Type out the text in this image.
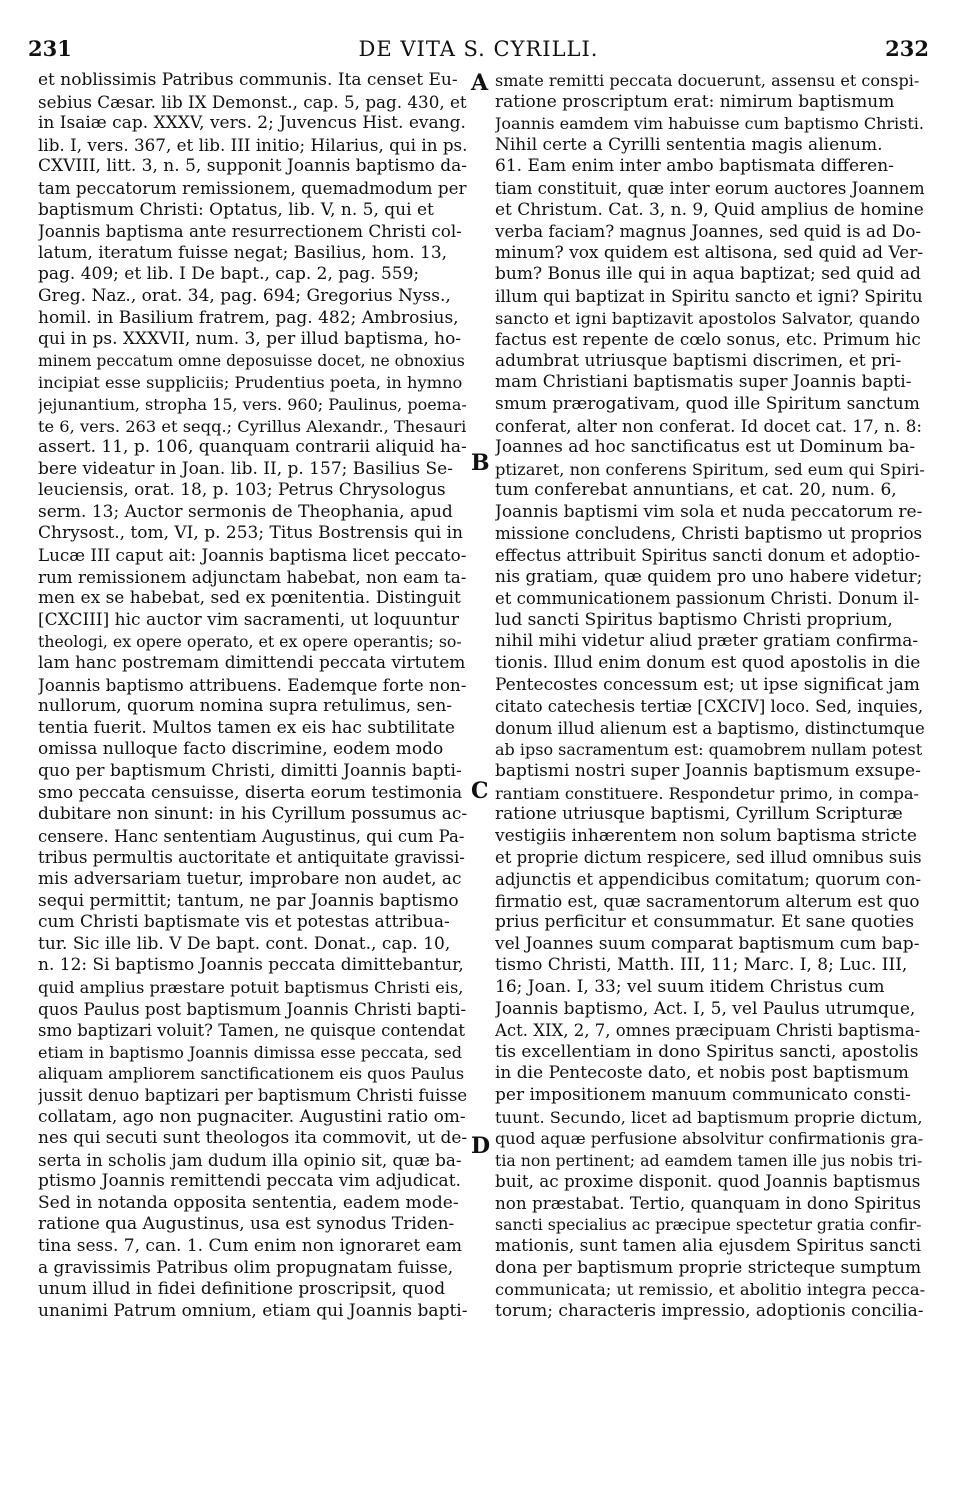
231	DE VITA S. CYRILLI.	232
et noblissimis Patribus communis. Ita censet Eu-
sebius Cæsar. lib IX Demonst., cap. 5, pag. 430, et
in Isaiæ cap. XXXV, vers. 2; Juvencus Hist. evang.
lib. I, vers. 367, et lib. III initio; Hilarius, qui in ps.
CXVIII, litt. 3, n. 5, supponit Joannis baptismo da-
tam peccatorum remissionem, quemadmodum per
baptismum Christi: Optatus, lib. V, n. 5, qui et
Joannis baptisma ante resurrectionem Christi col-
latum, iteratum fuisse negat; Basilius, hom. 13,
pag. 409; et lib. I De bapt., cap. 2, pag. 559;
Greg. Naz., orat. 34, pag. 694; Gregorius Nyss.,
homil. in Basilium fratrem, pag. 482; Ambrosius,
qui in ps. XXXVII, num. 3, per illud baptisma, ho-
minem peccatum omne deposuisse docet, ne obnoxius
incipiat esse suppliciis; Prudentius poeta, in hymno
jejunantium, stropha 15, vers. 960; Paulinus, poema-
te 6, vers. 263 et seqq.; Cyrillus Alexandr., Thesauri
assert. 11, p. 106, quanquam contrarii aliquid ha-
bere videatur in Joan. lib. II, p. 157; Basilius Se-
leuciensis, orat. 18, p. 103; Petrus Chrysologus
serm. 13; Auctor sermonis de Theophania, apud
Chrysost., tom, VI, p. 253; Titus Bostrensis qui in
Lucæ III caput ait: Joannis baptisma licet peccato-
rum remissionem adjunctam habebat, non eam ta-
men ex se habebat, sed ex pœnitentia. Distinguit
[CXCIII] hic auctor vim sacramenti, ut loquuntur
theologi, ex opere operato, et ex opere operantis; so-
lam hanc postremam dimittendi peccata virtutem
Joannis baptismo attribuens. Eademque forte non-
nullorum, quorum nomina supra retulimus, sen-
tentia fuerit. Multos tamen ex eis hac subtilitate
omissa nulloque facto discrimine, eodem modo
quo per baptismum Christi, dimitti Joannis bapti-
smo peccata censuisse, diserta eorum testimonia
dubitare non sinunt: in his Cyrillum possumus ac-
censere. Hanc sententiam Augustinus, qui cum Pa-
tribus permultis auctoritate et antiquitate gravissi-
mis adversariam tuetur, improbare non audet, ac
sequi permittit; tantum, ne par Joannis baptismo
cum Christi baptismate vis et potestas attribua-
tur. Sic ille lib. V De bapt. cont. Donat., cap. 10,
n. 12: Si baptismo Joannis peccata dimittebantur,
quid amplius præstare potuit baptismus Christi eis,
quos Paulus post baptismum Joannis Christi bapti-
smo baptizari voluit? Tamen, ne quisque contendat
etiam in baptismo Joannis dimissa esse peccata, sed
aliquam ampliorem sanctificationem eis quos Paulus
jussit denuo baptizari per baptismum Christi fuisse
collatam, ago non pugnaciter. Augustini ratio om-
nes qui secuti sunt theologos ita commovit, ut de-
serta in scholis jam dudum illa opinio sit, quæ ba-
ptismo Joannis remittendi peccata vim adjudicat.
Sed in notanda opposita sententia, eadem mode-
ratione qua Augustinus, usa est synodus Triden-
tina sess. 7, can. 1. Cum enim non ignoraret eam
a gravissimis Patribus olim propugnatam fuisse,
unum illud in fidei definitione proscripsit, quod
unanimi Patrum omnium, etiam qui Joannis bapti-
smate remitti peccata docuerunt, assensu et conspi-
ratione proscriptum erat: nimirum baptismum
Joannis eamdem vim habuisse cum baptismo Christi.
Nihil certe a Cyrilli sententia magis alienum.
61. Eam enim inter ambo baptismata differen-
tiam constituit, quæ inter eorum auctores Joannem
et Christum. Cat. 3, n. 9, Quid amplius de homine
verba faciam? magnus Joannes, sed quid is ad Do-
minum? vox quidem est altisona, sed quid ad Ver-
bum? Bonus ille qui in aqua baptizat; sed quid ad
illum qui baptizat in Spiritu sancto et igni? Spiritu
sancto et igni baptizavit apostolos Salvator, quando
factus est repente de cœlo sonus, etc. Primum hic
adumbrat utriusque baptismi discrimen, et pri-
mam Christiani baptismatis super Joannis bapti-
smum prærogativam, quod ille Spiritum sanctum
conferat, alter non conferat. Id docet cat. 17, n. 8:
Joannes ad hoc sanctificatus est ut Dominum ba-
ptizaret, non conferens Spiritum, sed eum qui Spiri-
tum conferebat annuntians, et cat. 20, num. 6,
Joannis baptismi vim sola et nuda peccatorum re-
missione concludens, Christi baptismo ut proprios
effectus attribuit Spiritus sancti donum et adoptio-
nis gratiam, quæ quidem pro uno habere videtur;
et communicationem passionum Christi. Donum il-
lud sancti Spiritus baptismo Christi proprium,
nihil mihi videtur aliud præter gratiam confirma-
tionis. Illud enim donum est quod apostolis in die
Pentecostes concessum est; ut ipse significat jam
citato catechesis tertiæ [CXCIV] loco. Sed, inquies,
donum illud alienum est a baptismo, distinctumque
ab ipso sacramentum est: quamobrem nullam potest
baptismi nostri super Joannis baptismum exsupe-
rantiam constituere. Respondetur primo, in compa-
ratione utriusque baptismi, Cyrillum Scripturæ
vestigiis inhærentem non solum baptisma stricte
et proprie dictum respicere, sed illud omnibus suis
adjunctis et appendicibus comitatum; quorum con-
firmatio est, quæ sacramentorum alterum est quo
prius perficitur et consummatur. Et sane quoties
vel Joannes suum comparat baptismum cum bap-
tismo Christi, Matth. III, 11; Marc. I, 8; Luc. III,
16; Joan. I, 33; vel suum itidem Christus cum
Joannis baptismo, Act. I, 5, vel Paulus utrumque,
Act. XIX, 2, 7, omnes præcipuam Christi baptisma-
tis excellentiam in dono Spiritus sancti, apostolis
in die Pentecoste dato, et nobis post baptismum
per impositionem manuum communicato consti-
tuunt. Secundo, licet ad baptismum proprie dictum,
quod aquæ perfusione absolvitur confirmationis gra-
tia non pertinent; ad eamdem tamen ille jus nobis tri-
buit, ac proxime disponit. quod Joannis baptismus
non præstabat. Tertio, quanquam in dono Spiritus
sancti specialius ac præcipue spectetur gratia confir-
mationis, sunt tamen alia ejusdem Spiritus sancti
dona per baptismum proprie stricteque sumptum
communicata; ut remissio, et abolitio integra pecca-
torum; characteris impressio, adoptionis concilia-
A
B
C
D
